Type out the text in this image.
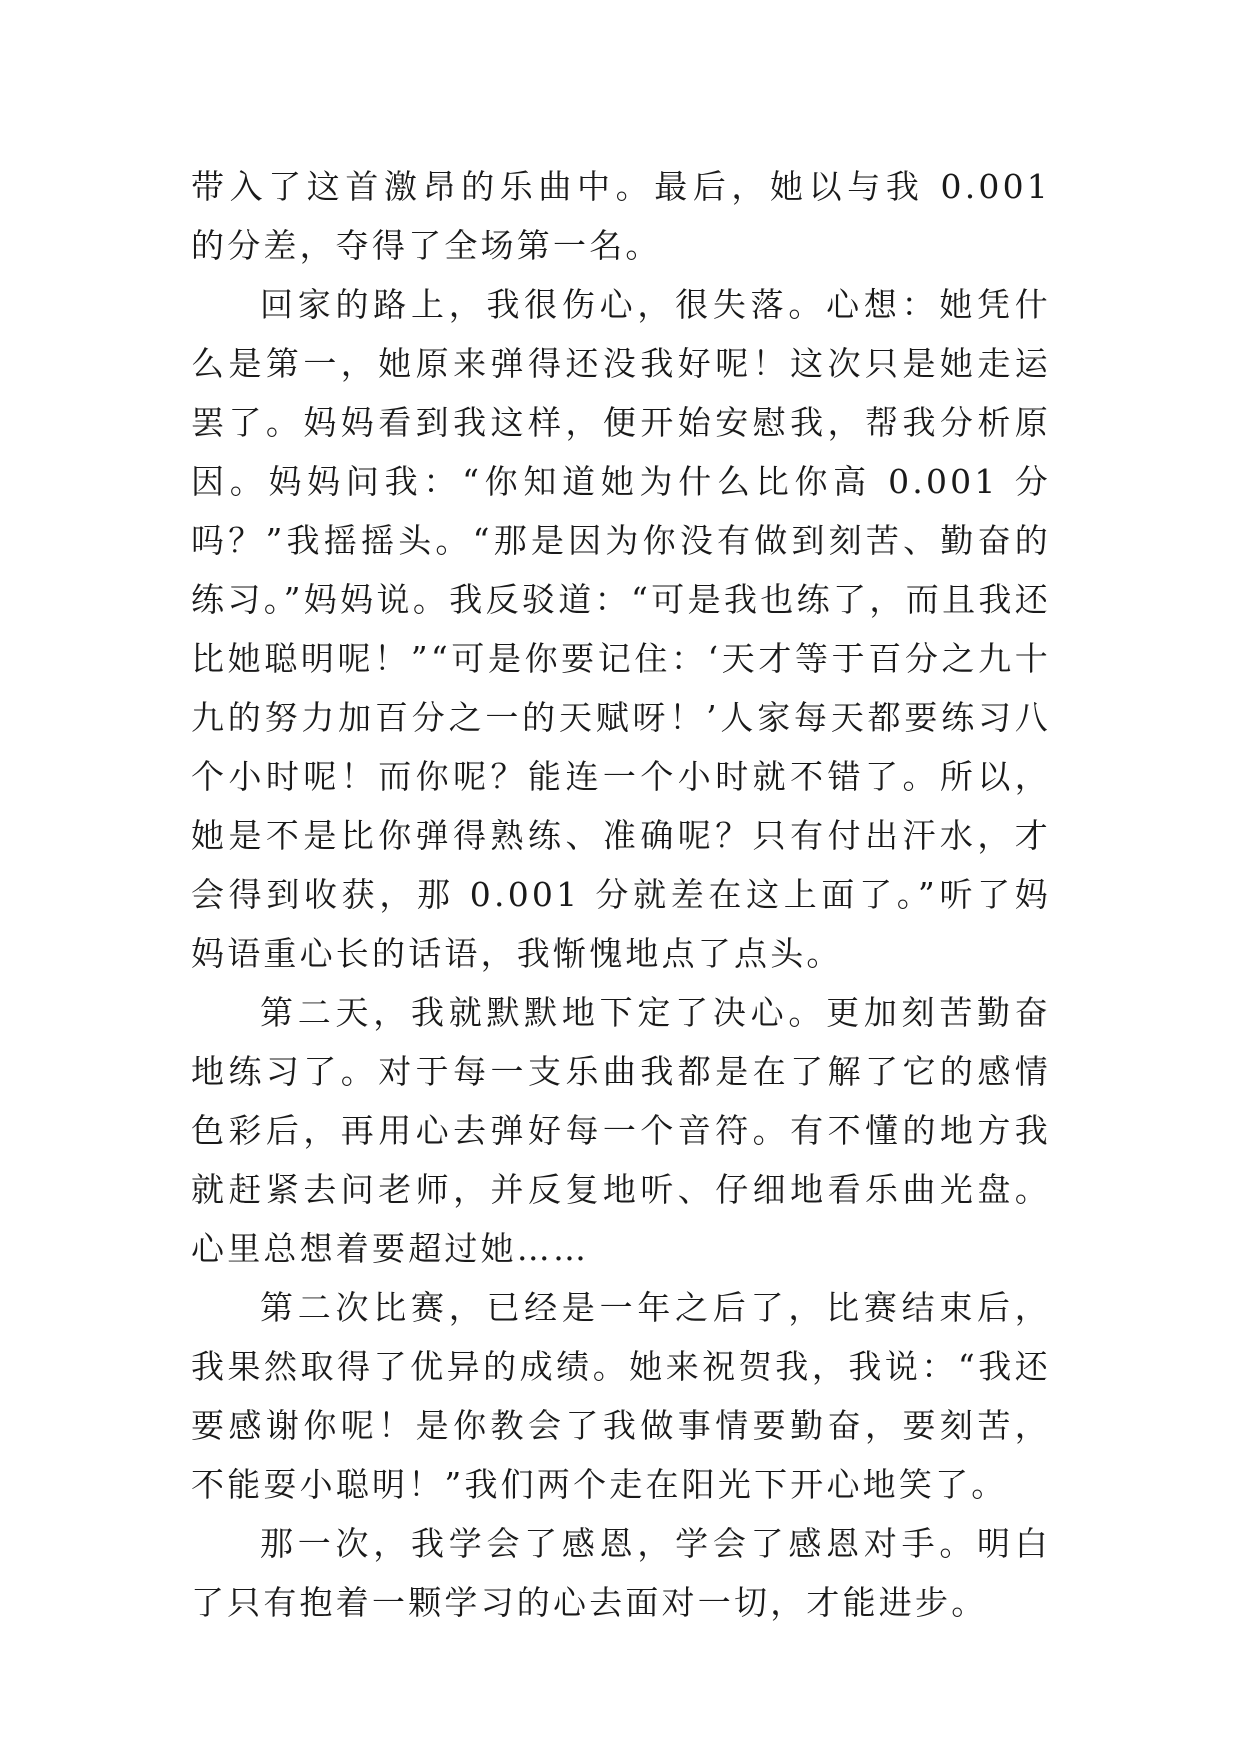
带入了这首激昂的乐曲中。最后，她以与我 0.001 的分差，夺得了全场第一名。

回家的路上，我很伤心，很失落。心想：她凭什么是第一，她原来弹得还没我好呢！这次只是她走运罢了。妈妈看到我这样，便开始安慰我，帮我分析原因。妈妈问我：“你知道她为什么比你高 0.001 分吗？”我摇摇头。“那是因为你没有做到刻苦、勤奋的练习。”妈妈说。我反驳道：“可是我也练了，而且我还比她聪明呢！”“可是你要记住：‘天才等于百分之九十九的努力加百分之一的天赋呀！’人家每天都要练习八个小时呢！而你呢？能连一个小时就不错了。所以，她是不是比你弹得熟练、准确呢？只有付出汗水，才会得到收获，那 0.001 分就差在这上面了。”听了妈妈语重心长的话语，我惭愧地点了点头。

第二天，我就默默地下定了决心。更加刻苦勤奋地练习了。对于每一支乐曲我都是在了解了它的感情色彩后，再用心去弹好每一个音符。有不懂的地方我就赶紧去问老师，并反复地听、仔细地看乐曲光盘。心里总想着要超过她……

第二次比赛，已经是一年之后了，比赛结束后，我果然取得了优异的成绩。她来祝贺我，我说：“我还要感谢你呢！是你教会了我做事情要勤奋，要刻苦，不能耍小聪明！”我们两个走在阳光下开心地笑了。

那一次，我学会了感恩，学会了感恩对手。明白了只有抱着一颗学习的心去面对一切，才能进步。
